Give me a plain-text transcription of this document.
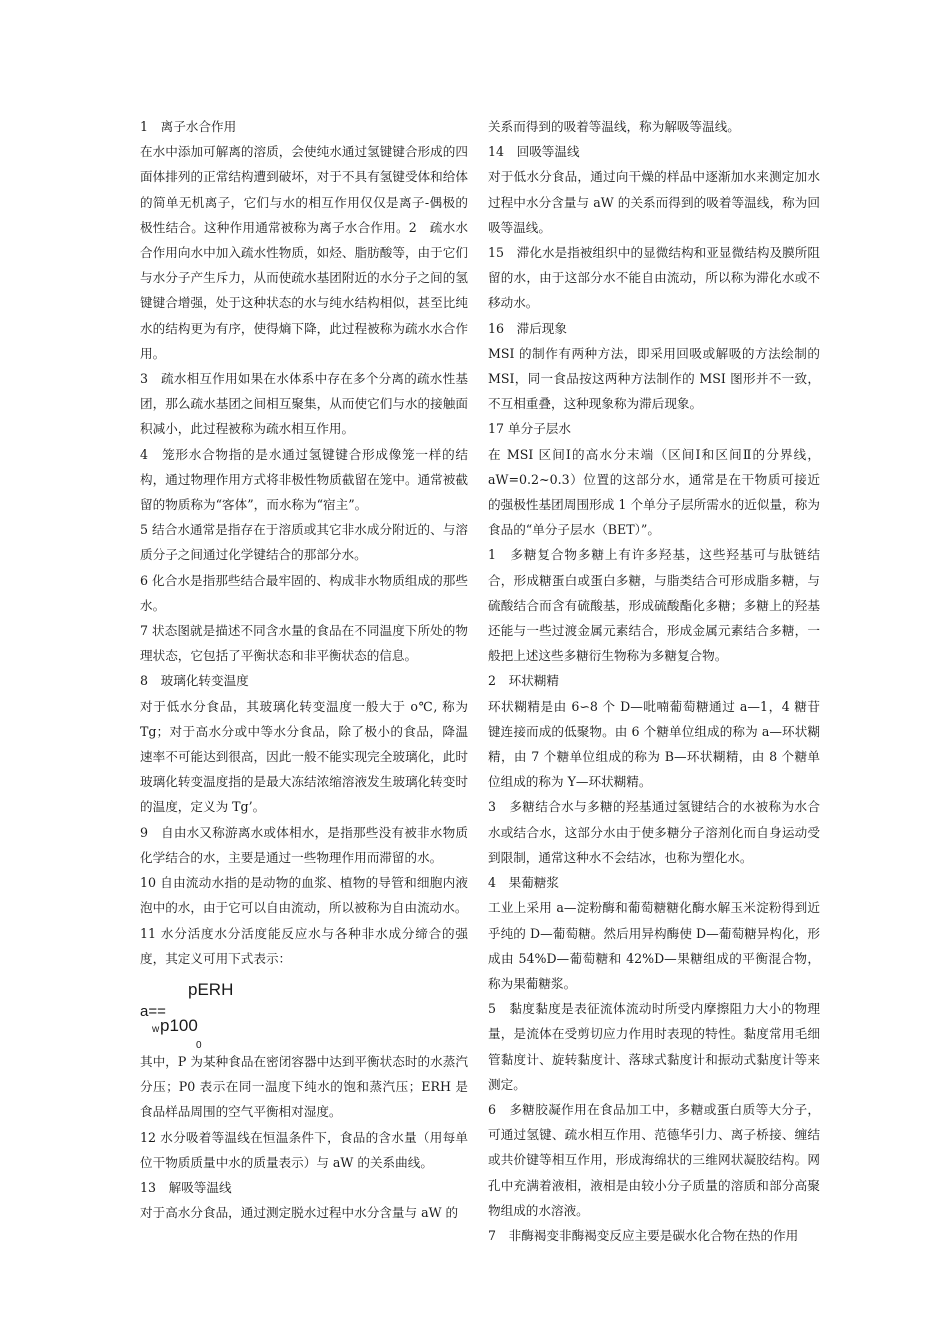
1　离子水合作用

在水中添加可解离的溶质，会使纯水通过氢键键合形成的四面体排列的正常结构遭到破坏，对于不具有氢键受体和给体的简单无机离子，它们与水的相互作用仅仅是离子-偶极的极性结合。这种作用通常被称为离子水合作用。2　疏水水合作用向水中加入疏水性物质，如烃、脂肪酸等，由于它们与水分子产生斥力，从而使疏水基团附近的水分子之间的氢键键合增强，处于这种状态的水与纯水结构相似，甚至比纯水的结构更为有序，使得熵下降，此过程被称为疏水水合作用。

3　疏水相互作用如果在水体系中存在多个分离的疏水性基团，那么疏水基团之间相互聚集，从而使它们与水的接触面积减小，此过程被称为疏水相互作用。

4　笼形水合物指的是水通过氢键键合形成像笼一样的结构，通过物理作用方式将非极性物质截留在笼中。通常被截留的物质称为“客体”，而水称为“宿主”。

5 结合水通常是指存在于溶质或其它非水成分附近的、与溶质分子之间通过化学键结合的那部分水。

6 化合水是指那些结合最牢固的、构成非水物质组成的那些水。

7 状态图就是描述不同含水量的食品在不同温度下所处的物理状态，它包括了平衡状态和非平衡状态的信息。

8　玻璃化转变温度

对于低水分食品，其玻璃化转变温度一般大于 o℃, 称为Tg；对于高水分或中等水分食品，除了极小的食品，降温速率不可能达到很高，因此一般不能实现完全玻璃化，此时玻璃化转变温度指的是最大冻结浓缩溶液发生玻璃化转变时的温度，定义为 Tg’。

9　自由水又称游离水或体相水，是指那些没有被非水物质化学结合的水，主要是通过一些物理作用而滞留的水。

10 自由流动水指的是动物的血浆、植物的导管和细胞内液泡中的水，由于它可以自由流动，所以被称为自由流动水。

11 水分活度水分活度能反应水与各种非水成分缔合的强度，其定义可用下式表示：

pERH
a==
w p100
0

其中，P 为某种食品在密闭容器中达到平衡状态时的水蒸汽分压；P0 表示在同一温度下纯水的饱和蒸汽压；ERH 是食品样品周围的空气平衡相对湿度。

12 水分吸着等温线在恒温条件下，食品的含水量（用每单位干物质质量中水的质量表示）与 aW 的关系曲线。

13　解吸等温线

对于高水分食品，通过测定脱水过程中水分含量与 aW 的

关系而得到的吸着等温线，称为解吸等温线。

14　回吸等温线

对于低水分食品，通过向干燥的样品中逐渐加水来测定加水过程中水分含量与 aW 的关系而得到的吸着等温线，称为回吸等温线。

15　滞化水是指被组织中的显微结构和亚显微结构及膜所阻留的水，由于这部分水不能自由流动，所以称为滞化水或不移动水。

16　滞后现象

MSI 的制作有两种方法，即采用回吸或解吸的方法绘制的 MSI，同一食品按这两种方法制作的 MSI 图形并不一致，不互相重叠，这种现象称为滞后现象。

17 单分子层水

在 MSI 区间Ⅰ的高水分末端（区间Ⅰ和区间Ⅱ的分界线，aW=0.2~0.3）位置的这部分水，通常是在干物质可接近的强极性基团周围形成 1 个单分子层所需水的近似量，称为食品的“单分子层水（BET）”。

1　多糖复合物多糖上有许多羟基，这些羟基可与肽链结合，形成糖蛋白或蛋白多糖，与脂类结合可形成脂多糖，与硫酸结合而含有硫酸基，形成硫酸酯化多糖；多糖上的羟基还能与一些过渡金属元素结合，形成金属元素结合多糖，一般把上述这些多糖衍生物称为多糖复合物。

2　环状糊精

环状糊精是由 6∽8 个 D—吡喃葡萄糖通过 a—1，4 糖苷键连接而成的低聚物。由 6 个糖单位组成的称为 a—环状糊精，由 7 个糖单位组成的称为 B—环状糊精，由 8 个糖单位组成的称为 Y—环状糊精。

3　多糖结合水与多糖的羟基通过氢键结合的水被称为水合水或结合水，这部分水由于使多糖分子溶剂化而自身运动受到限制，通常这种水不会结冰，也称为塑化水。

4　果葡糖浆

工业上采用 a—淀粉酶和葡萄糖糖化酶水解玉米淀粉得到近乎纯的 D—葡萄糖。然后用异构酶使 D—葡萄糖异构化，形成由 54%D—葡萄糖和 42%D—果糖组成的平衡混合物，称为果葡糖浆。

5　黏度黏度是表征流体流动时所受内摩擦阻力大小的物理量，是流体在受剪切应力作用时表现的特性。黏度常用毛细管黏度计、旋转黏度计、落球式黏度计和振动式黏度计等来测定。

6　多糖胶凝作用在食品加工中，多糖或蛋白质等大分子，可通过氢键、疏水相互作用、范德华引力、离子桥接、缠结或共价键等相互作用，形成海绵状的三维网状凝胶结构。网孔中充满着液相，液相是由较小分子质量的溶质和部分高聚物组成的水溶液。

7　非酶褐变非酶褐变反应主要是碳水化合物在热的作用
